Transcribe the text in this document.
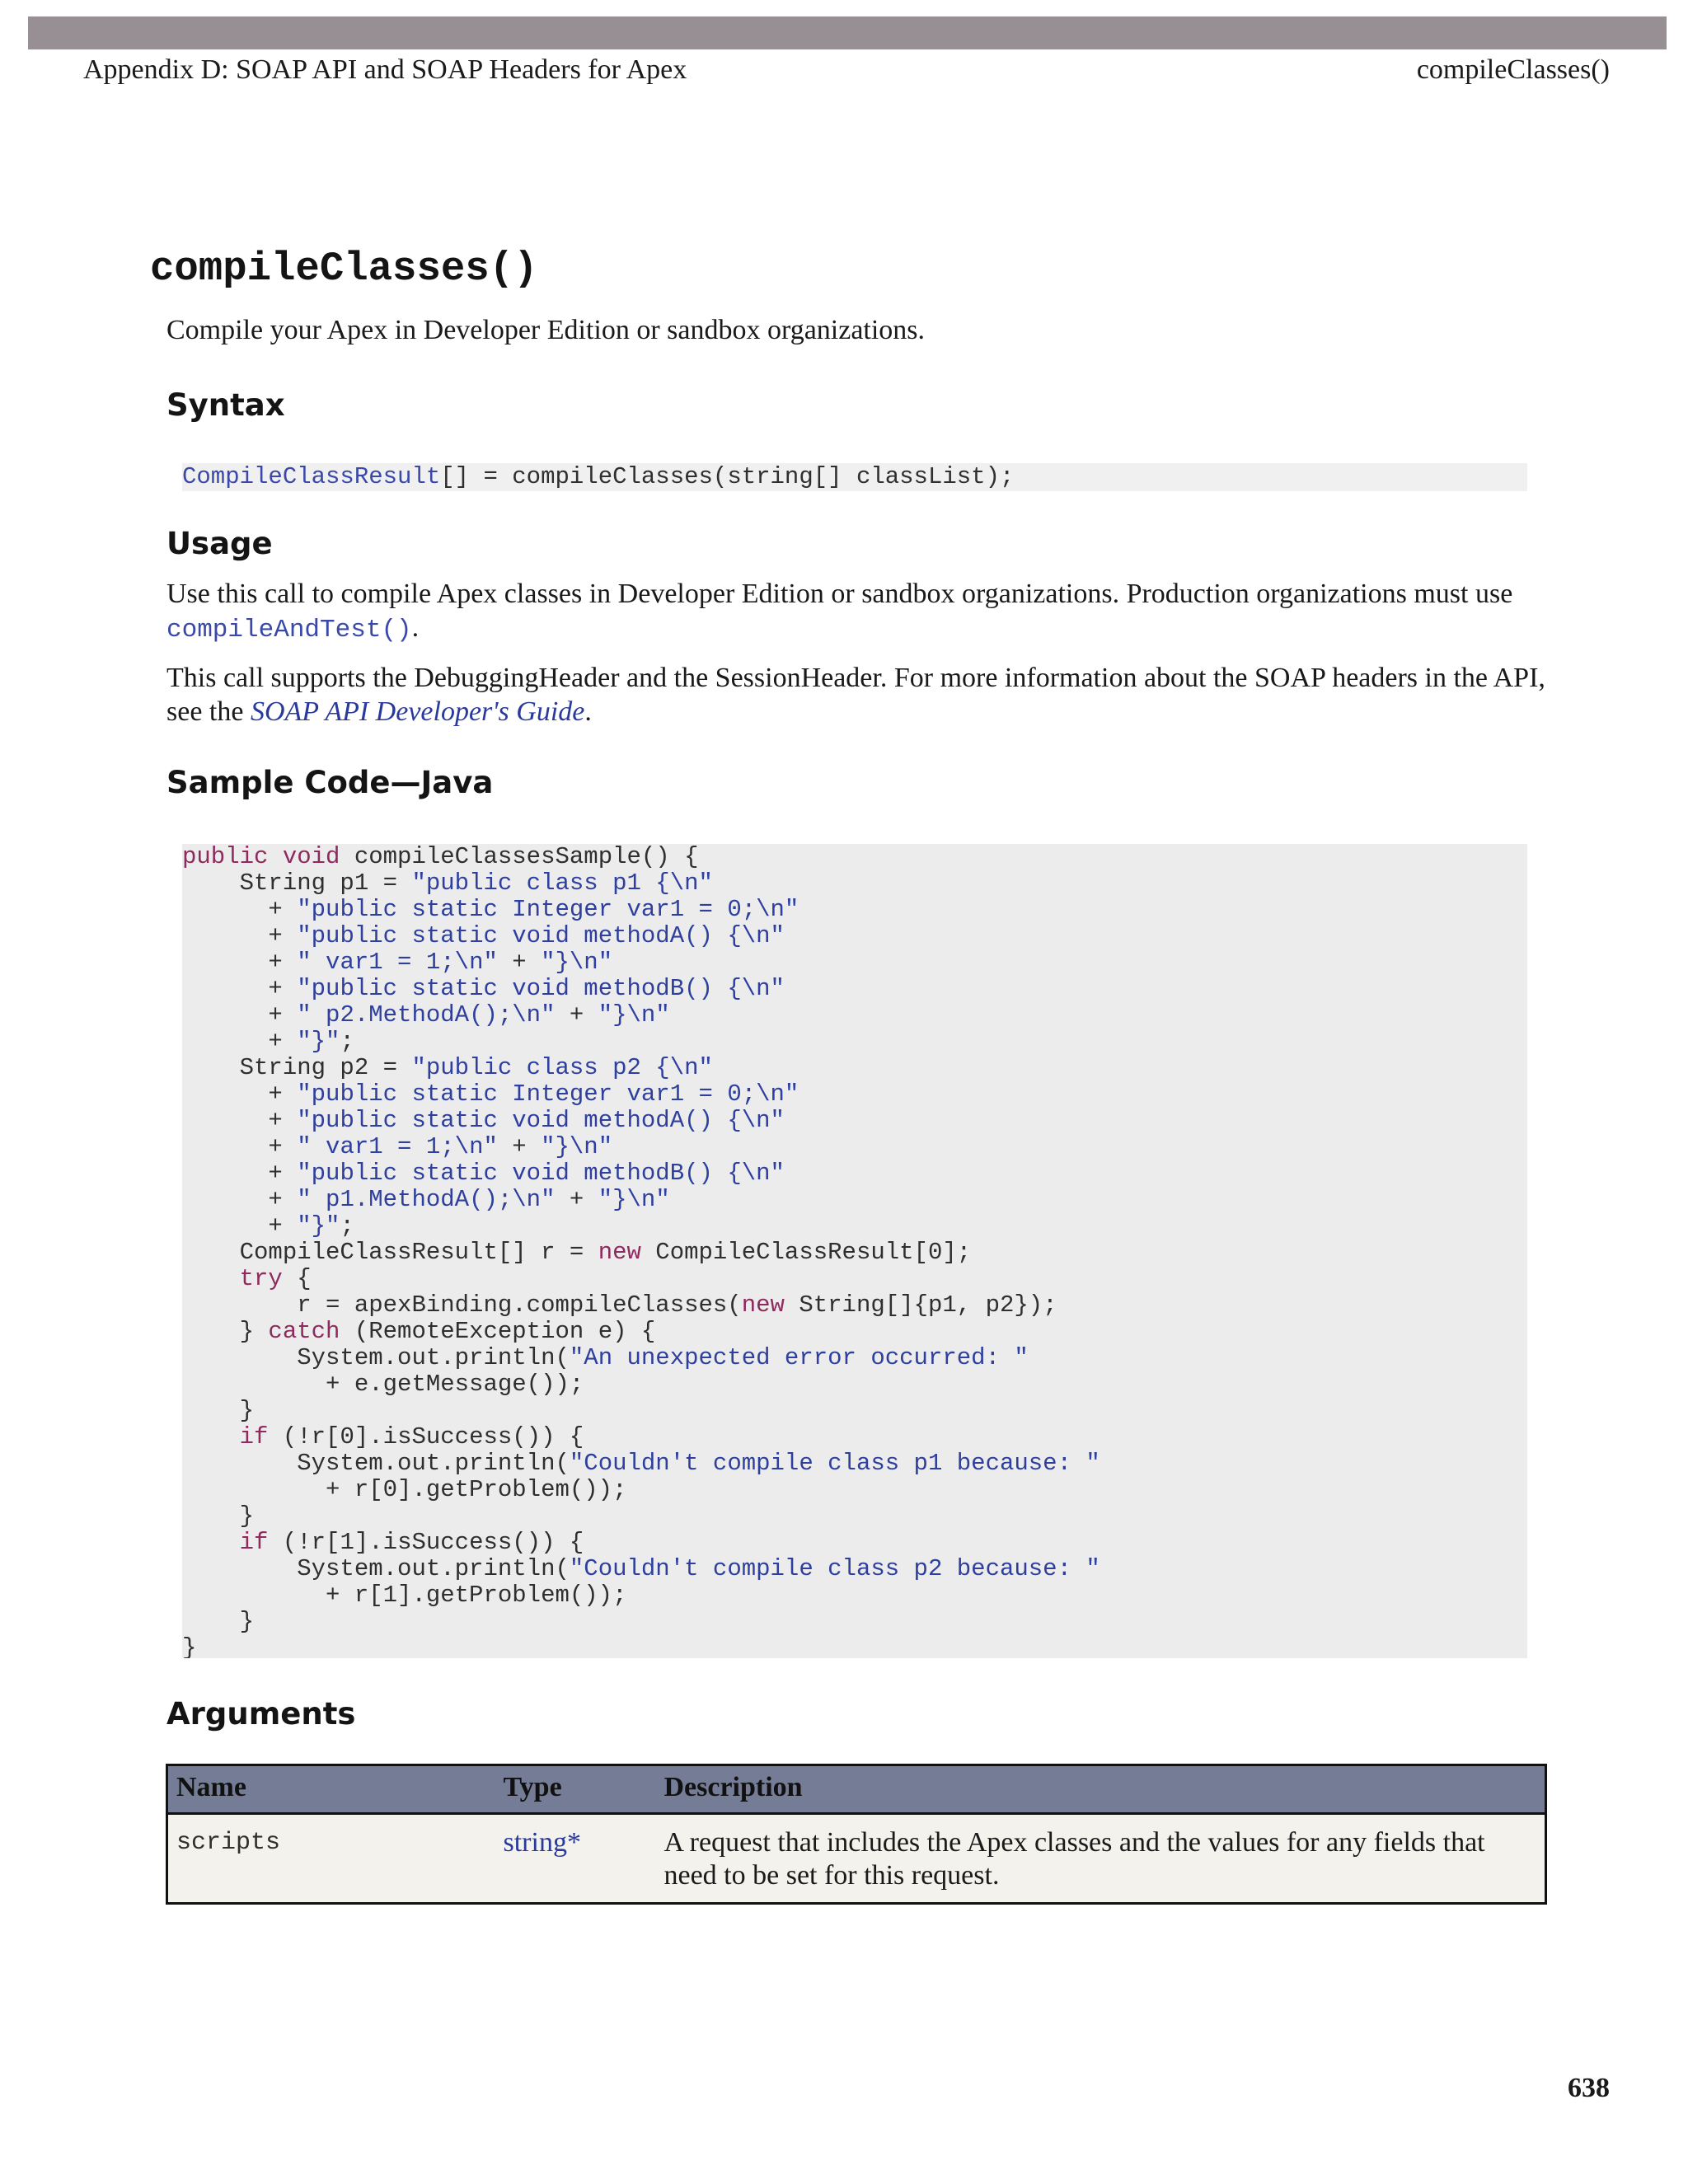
Appendix D: SOAP API and SOAP Headers for Apex	compileClasses()
compileClasses()

Compile your Apex in Developer Edition or sandbox organizations.

Syntax
CompileClassResult[] = compileClasses(string[] classList);
Usage

Use this call to compile Apex classes in Developer Edition or sandbox organizations. Production organizations must use compileAndTest().

This call supports the DebuggingHeader and the SessionHeader. For more information about the SOAP headers in the API, see the SOAP API Developer's Guide.

Sample Code—Java
public void compileClassesSample() {
String p1 = "public class p1 {\n"
+ "public static Integer var1 = 0;\n"
+ "public static void methodA() {\n"
+ " var1 = 1;\n" + "}\n"
+ "public static void methodB() {\n"
+ " p2.MethodA();\n" + "}\n"
+ "}";
String p2 = "public class p2 {\n"
+ "public static Integer var1 = 0;\n"
+ "public static void methodA() {\n"
+ " var1 = 1;\n" + "}\n"
+ "public static void methodB() {\n"
+ " p1.MethodA();\n" + "}\n"
+ "}";
CompileClassResult[] r = new CompileClassResult[0];
try {
r = apexBinding.compileClasses(new String[]{p1, p2});
} catch (RemoteException e) {
System.out.println("An unexpected error occurred: "
+ e.getMessage());
}
if (!r[0].isSuccess()) {
System.out.println("Couldn't compile class p1 because: "
+ r[0].getProblem());
}
if (!r[1].isSuccess()) {
System.out.println("Couldn't compile class p2 because: "
+ r[1].getProblem());
}
}
Arguments
Name	Type	Description
scripts	string*	A request that includes the Apex classes and the values for any fields that need to be set for this request.
638
